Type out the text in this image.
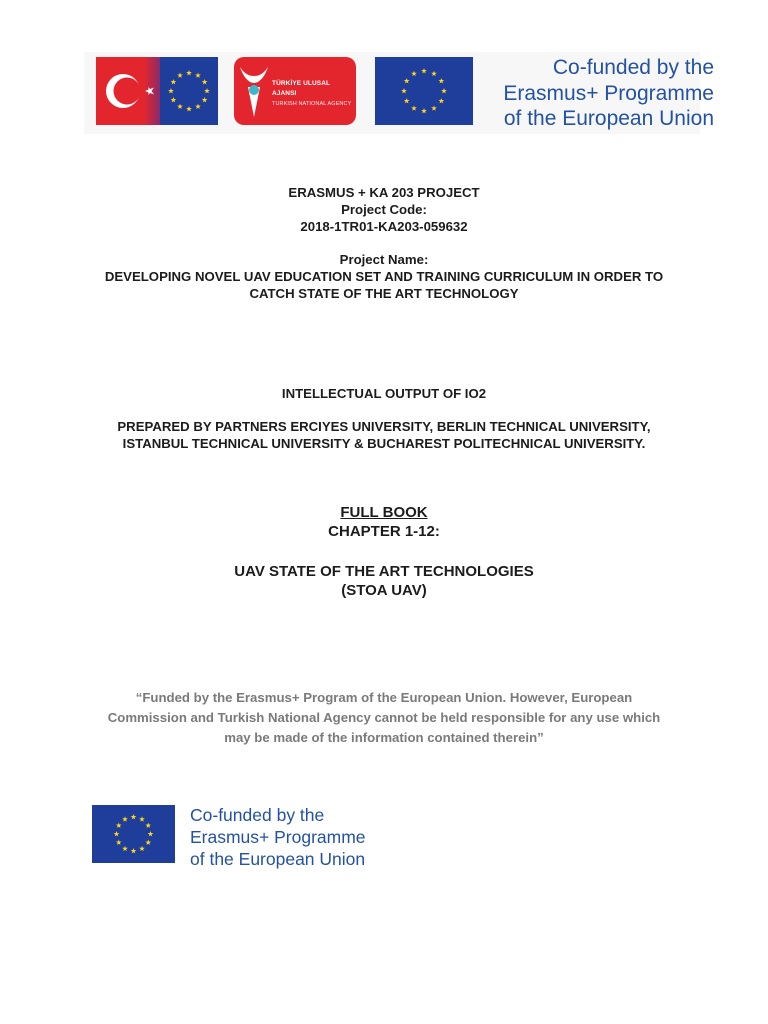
TÜRKİYE ULUSAL AJANSI
TURKISH NATIONAL AGENCY
Co-funded by the
Erasmus+ Programme
of the European Union
ERASMUS + KA 203 PROJECT
Project Code:
2018-1TR01-KA203-059632
Project Name:
DEVELOPING NOVEL UAV EDUCATION SET AND TRAINING CURRICULUM IN ORDER TO
CATCH STATE OF THE ART TECHNOLOGY
INTELLECTUAL OUTPUT OF IO2
PREPARED BY PARTNERS ERCIYES UNIVERSITY, BERLIN TECHNICAL UNIVERSITY,
ISTANBUL TECHNICAL UNIVERSITY & BUCHAREST POLITECHNICAL UNIVERSITY.
FULL BOOK
CHAPTER 1-12:
UAV STATE OF THE ART TECHNOLOGIES
(STOA UAV)
“Funded by the Erasmus+ Program of the European Union. However, European
Commission and Turkish National Agency cannot be held responsible for any use which
may be made of the information contained therein”
Co-funded by the
Erasmus+ Programme
of the European Union
